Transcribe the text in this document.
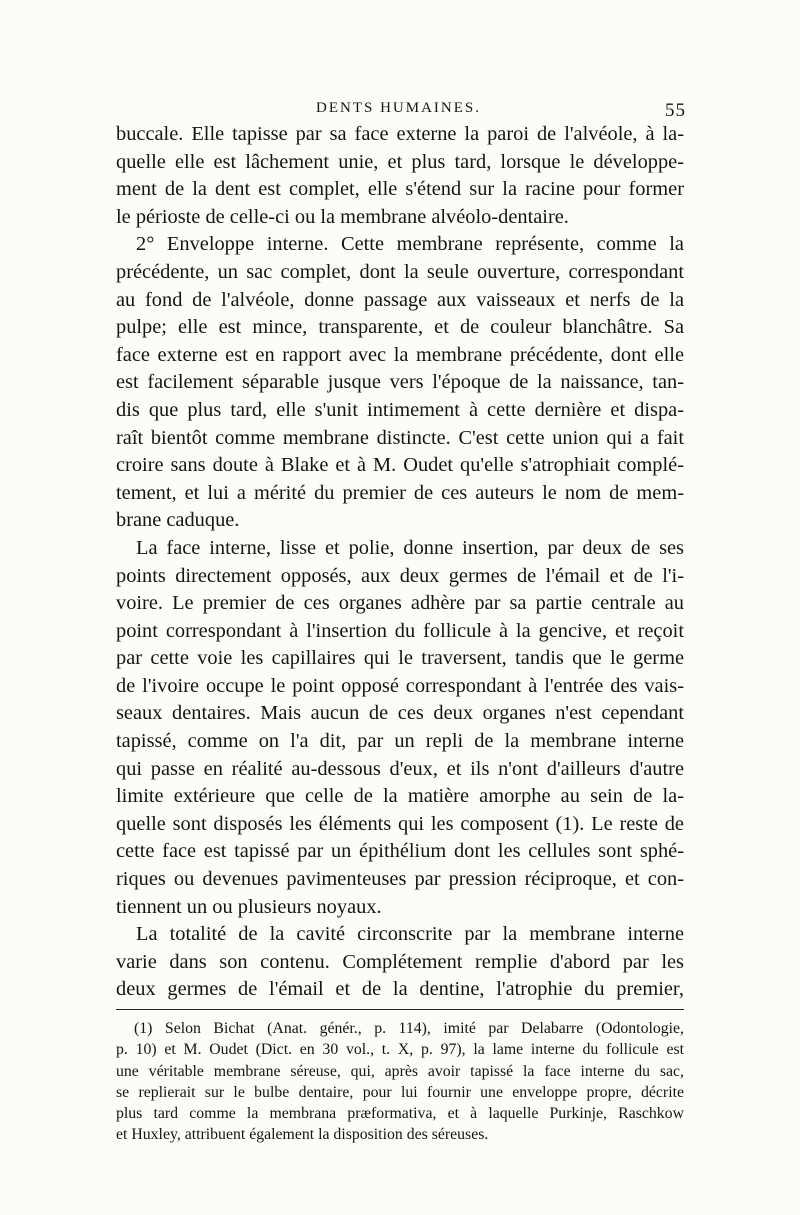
DENTS HUMAINES.	55
buccale. Elle tapisse par sa face externe la paroi de l'alvéole, à la-
quelle elle est lâchement unie, et plus tard, lorsque le développe-
ment de la dent est complet, elle s'étend sur la racine pour former
le périoste de celle-ci ou la membrane alvéolo-dentaire.
2° Enveloppe interne. Cette membrane représente, comme la
précédente, un sac complet, dont la seule ouverture, correspondant
au fond de l'alvéole, donne passage aux vaisseaux et nerfs de la
pulpe; elle est mince, transparente, et de couleur blanchâtre. Sa
face externe est en rapport avec la membrane précédente, dont elle
est facilement séparable jusque vers l'époque de la naissance, tan-
dis que plus tard, elle s'unit intimement à cette dernière et dispa-
raît bientôt comme membrane distincte. C'est cette union qui a fait
croire sans doute à Blake et à M. Oudet qu'elle s'atrophiait complé-
tement, et lui a mérité du premier de ces auteurs le nom de mem-
brane caduque.
La face interne, lisse et polie, donne insertion, par deux de ses
points directement opposés, aux deux germes de l'émail et de l'i-
voire. Le premier de ces organes adhère par sa partie centrale au
point correspondant à l'insertion du follicule à la gencive, et reçoit
par cette voie les capillaires qui le traversent, tandis que le germe
de l'ivoire occupe le point opposé correspondant à l'entrée des vais-
seaux dentaires. Mais aucun de ces deux organes n'est cependant
tapissé, comme on l'a dit, par un repli de la membrane interne
qui passe en réalité au-dessous d'eux, et ils n'ont d'ailleurs d'autre
limite extérieure que celle de la matière amorphe au sein de la-
quelle sont disposés les éléments qui les composent (1). Le reste de
cette face est tapissé par un épithélium dont les cellules sont sphé-
riques ou devenues pavimenteuses par pression réciproque, et con-
tiennent un ou plusieurs noyaux.
La totalité de la cavité circonscrite par la membrane interne
varie dans son contenu. Complétement remplie d'abord par les
deux germes de l'émail et de la dentine, l'atrophie du premier,
(1) Selon Bichat (Anat. génér., p. 114), imité par Delabarre (Odontologie,
p. 10) et M. Oudet (Dict. en 30 vol., t. X, p. 97), la lame interne du follicule est
une véritable membrane séreuse, qui, après avoir tapissé la face interne du sac,
se replierait sur le bulbe dentaire, pour lui fournir une enveloppe propre, décrite
plus tard comme la membrana præformativa, et à laquelle Purkinje, Raschkow
et Huxley, attribuent également la disposition des séreuses.
